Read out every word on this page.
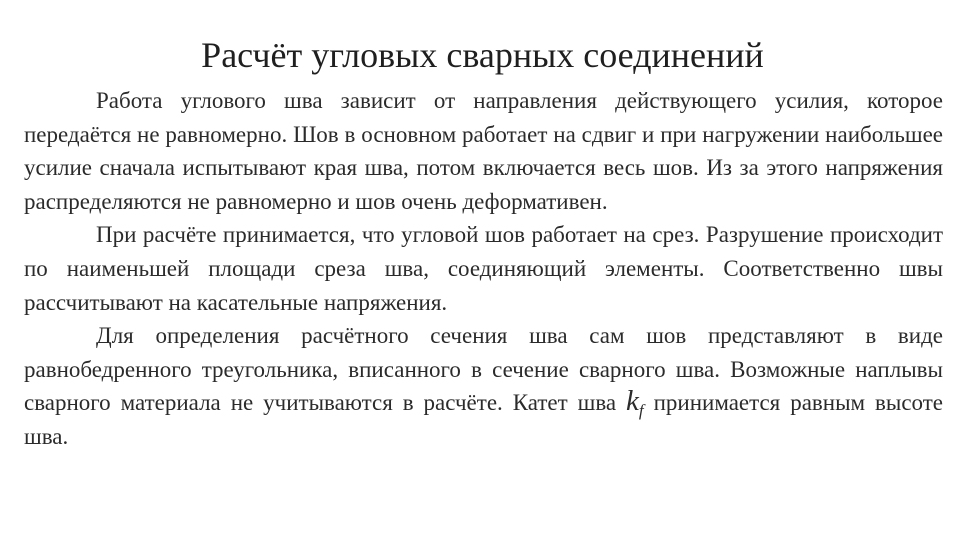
Расчёт угловых сварных соединений

Работа углового шва зависит от направления действующего усилия, которое передаётся не равномерно. Шов в основном работает на сдвиг и при нагружении наибольшее усилие сначала испытывают края шва, потом включается весь шов. Из за этого напряжения распределяются не равномерно и шов очень деформативен.

При расчёте принимается, что угловой шов работает на срез. Разрушение происходит по наименьшей площади среза шва, соединяющий элементы. Соответственно швы рассчитывают на касательные напряжения.

Для определения расчётного сечения шва сам шов представляют в виде равнобедренного треугольника, вписанного в сечение сварного шва. Возможные наплывы сварного материала не учитываются в расчёте. Катет шва $k_f$ принимается равным высоте шва.
